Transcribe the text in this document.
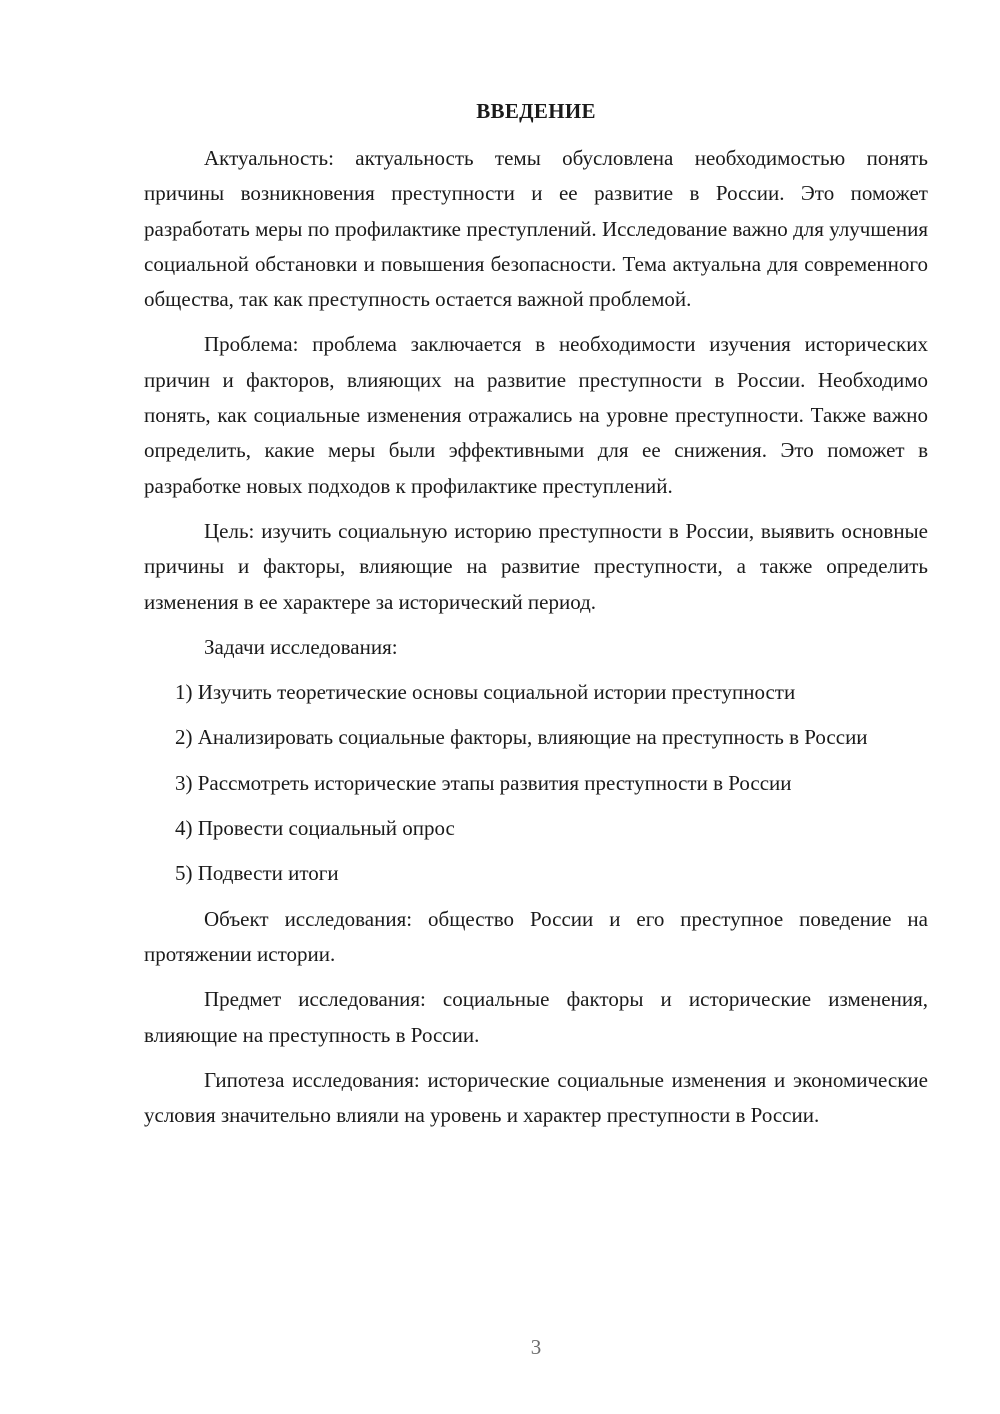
ВВЕДЕНИЕ

Актуальность: актуальность темы обусловлена необходимостью понять причины возникновения преступности и ее развитие в России. Это поможет разработать меры по профилактике преступлений. Исследование важно для улучшения социальной обстановки и повышения безопасности. Тема актуальна для современного общества, так как преступность остается важной проблемой.

Проблема: проблема заключается в необходимости изучения исторических причин и факторов, влияющих на развитие преступности в России. Необходимо понять, как социальные изменения отражались на уровне преступности. Также важно определить, какие меры были эффективными для ее снижения. Это поможет в разработке новых подходов к профилактике преступлений.

Цель: изучить социальную историю преступности в России, выявить основные причины и факторы, влияющие на развитие преступности, а также определить изменения в ее характере за исторический период.

Задачи исследования:

1) Изучить теоретические основы социальной истории преступности

2) Анализировать социальные факторы, влияющие на преступность в России

3) Рассмотреть исторические этапы развития преступности в России

4) Провести социальный опрос

5) Подвести итоги

Объект исследования: общество России и его преступное поведение на протяжении истории.

Предмет исследования: социальные факторы и исторические изменения, влияющие на преступность в России.

Гипотеза исследования: исторические социальные изменения и экономические условия значительно влияли на уровень и характер преступности в России.

3
